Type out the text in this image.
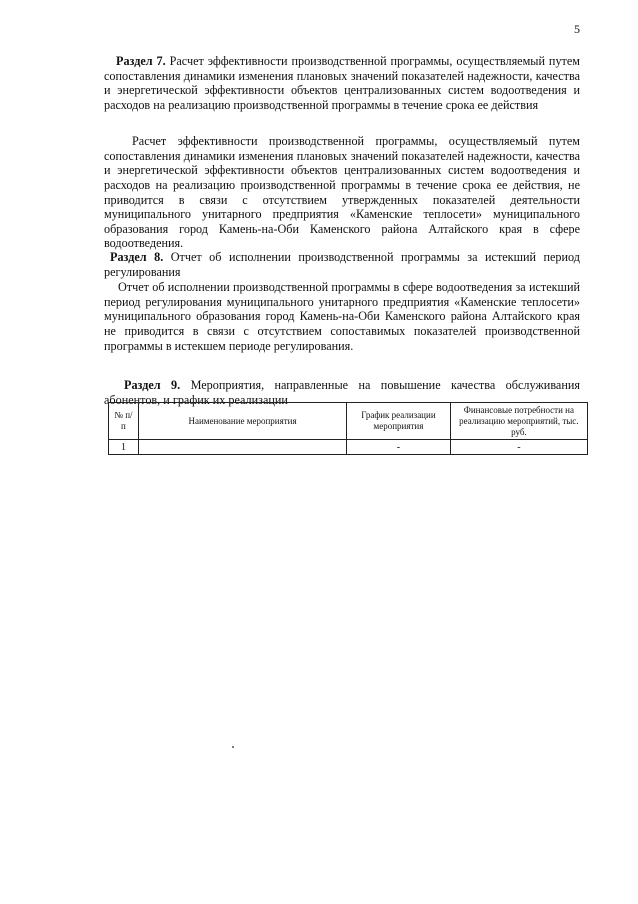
5

Раздел 7. Расчет эффективности производственной программы, осуществляемый путем сопоставления динамики изменения плановых значений показателей надежности, качества и энергетической эффективности объектов централизованных систем водоотведения и расходов на реализацию производственной программы в течение срока ее действия

Расчет эффективности производственной программы, осуществляемый путем сопоставления динамики изменения плановых значений показателей надежности, качества и энергетической эффективности объектов централизованных систем водоотведения и расходов на реализацию производственной программы в течение срока ее действия, не приводится в связи с отсутствием утвержденных показателей деятельности муниципального унитарного предприятия «Каменские теплосети» муниципального образования город Камень-на-Оби Каменского района Алтайского края в сфере водоотведения.

Раздел 8. Отчет об исполнении производственной программы за истекший период регулирования

Отчет об исполнении производственной программы в сфере водоотведения за истекший период регулирования муниципального унитарного предприятия «Каменские теплосети» муниципального образования город Камень-на-Оби Каменского района Алтайского края не приводится в связи с отсутствием сопоставимых показателей производственной программы в истекшем периоде регулирования.

Раздел 9. Мероприятия, направленные на повышение качества обслуживания абонентов, и график их реализации

№ п/п	Наименование мероприятия	График реализации мероприятия	Финансовые потребности на реализацию мероприятий, тыс. руб.
1		-	-
